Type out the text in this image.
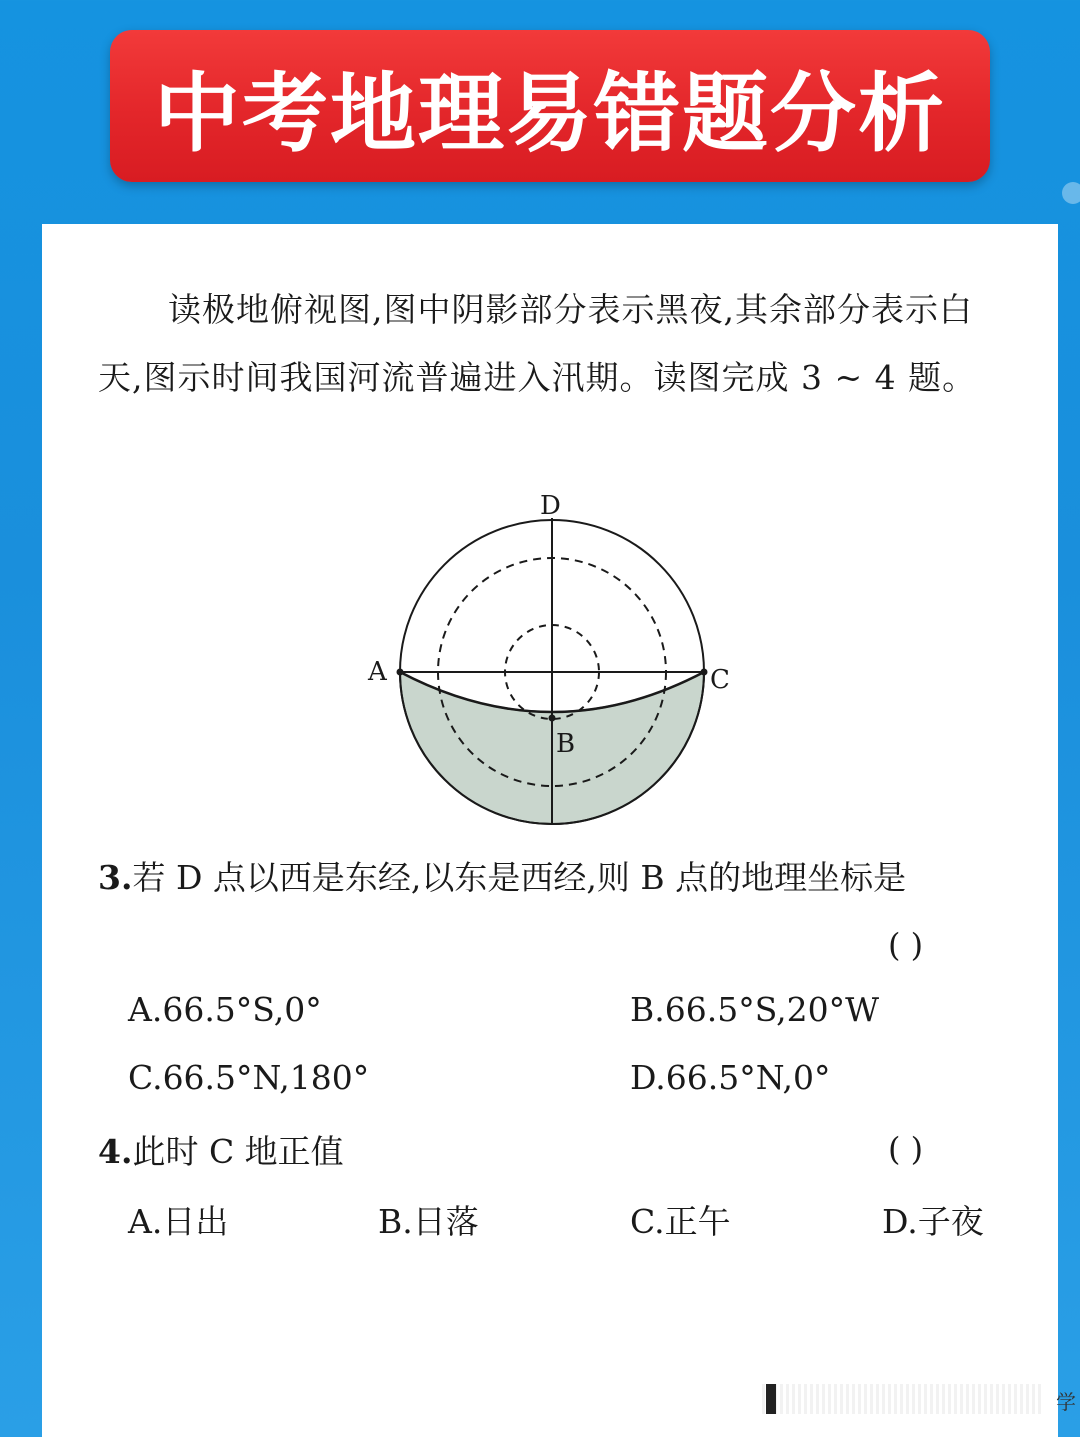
中考地理易错题分析
读极地俯视图,图中阴影部分表示黑夜,其余部分表示白天,图示时间我国河流普遍进入汛期。读图完成 3 ~ 4 题。
D
A	C
B
3.若 D 点以西是东经,以东是西经,则 B 点的地理坐标是
( )
A.66.5°S,0°	B.66.5°S,20°W
C.66.5°N,180°	D.66.5°N,0°
4.此时 C 地正值	( )
A.日出	B.日落	C.正午	D.子夜
学
